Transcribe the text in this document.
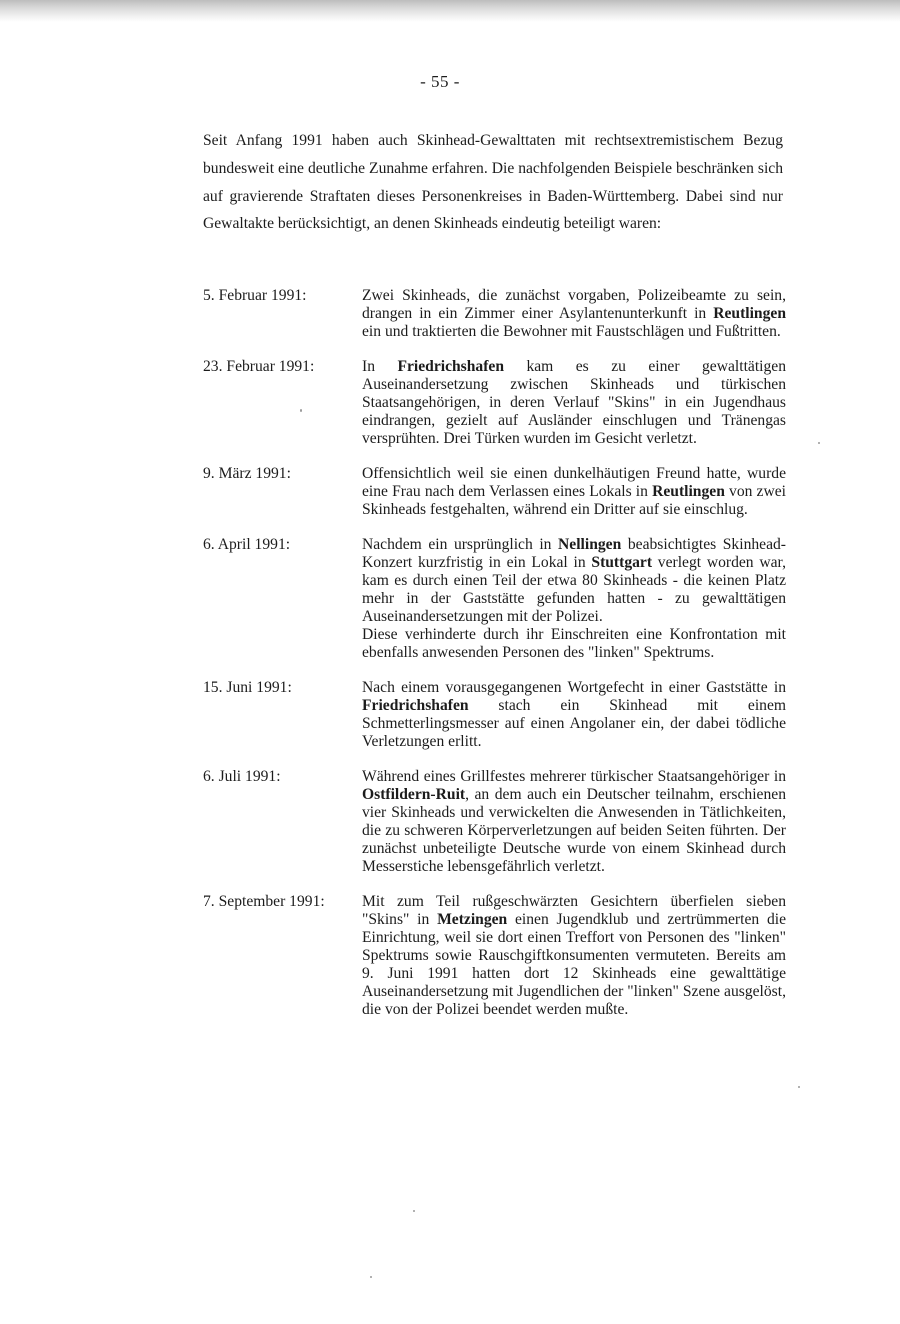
- 55 -

Seit Anfang 1991 haben auch Skinhead-Gewalttaten mit rechtsextremistischem Bezug bundesweit eine deutliche Zunahme erfahren. Die nachfolgenden Beispiele beschränken sich auf gravierende Straftaten dieses Personenkreises in Baden-Württemberg. Dabei sind nur Gewaltakte berücksichtigt, an denen Skinheads eindeutig beteiligt waren:

5. Februar 1991:	Zwei Skinheads, die zunächst vorgaben, Polizeibeamte zu sein, drangen in ein Zimmer einer Asylantenunterkunft in Reutlingen ein und traktierten die Bewohner mit Faustschlägen und Fußtritten.

23. Februar 1991:	In Friedrichshafen kam es zu einer gewalttätigen Auseinandersetzung zwischen Skinheads und türkischen Staatsangehörigen, in deren Verlauf "Skins" in ein Jugendhaus eindrangen, gezielt auf Ausländer einschlugen und Tränengas versprühten. Drei Türken wurden im Gesicht verletzt.

9. März 1991:	Offensichtlich weil sie einen dunkelhäutigen Freund hatte, wurde eine Frau nach dem Verlassen eines Lokals in Reutlingen von zwei Skinheads festgehalten, während ein Dritter auf sie einschlug.

6. April 1991:	Nachdem ein ursprünglich in Nellingen beabsichtigtes Skinhead-Konzert kurzfristig in ein Lokal in Stuttgart verlegt worden war, kam es durch einen Teil der etwa 80 Skinheads - die keinen Platz mehr in der Gaststätte gefunden hatten - zu gewalttätigen Auseinandersetzungen mit der Polizei.
Diese verhinderte durch ihr Einschreiten eine Konfrontation mit ebenfalls anwesenden Personen des "linken" Spektrums.

15. Juni 1991:	Nach einem vorausgegangenen Wortgefecht in einer Gaststätte in Friedrichshafen stach ein Skinhead mit einem Schmetterlingsmesser auf einen Angolaner ein, der dabei tödliche Verletzungen erlitt.

6. Juli 1991:	Während eines Grillfestes mehrerer türkischer Staatsangehöriger in Ostfildern-Ruit, an dem auch ein Deutscher teilnahm, erschienen vier Skinheads und verwickelten die Anwesenden in Tätlichkeiten, die zu schweren Körperverletzungen auf beiden Seiten führten. Der zunächst unbeteiligte Deutsche wurde von einem Skinhead durch Messerstiche lebensgefährlich verletzt.

7. September 1991:	Mit zum Teil rußgeschwärzten Gesichtern überfielen sieben "Skins" in Metzingen einen Jugendklub und zertrümmerten die Einrichtung, weil sie dort einen Treffort von Personen des "linken" Spektrums sowie Rauschgiftkonsumenten vermuteten. Bereits am 9. Juni 1991 hatten dort 12 Skinheads eine gewalttätige Auseinandersetzung mit Jugendlichen der "linken" Szene ausgelöst, die von der Polizei beendet werden mußte.
